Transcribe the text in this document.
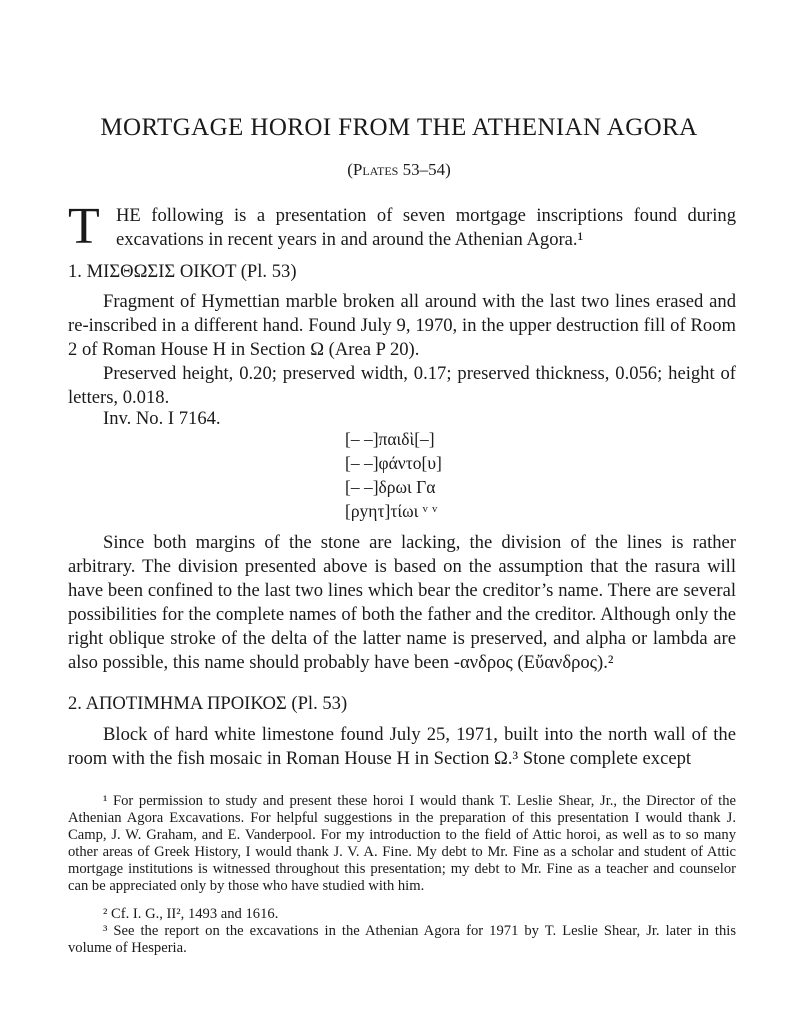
MORTGAGE HOROI FROM THE ATHENIAN AGORA
(Plates 53–54)
T HE following is a presentation of seven mortgage inscriptions found during excavations in recent years in and around the Athenian Agora.¹

1. ΜΙΣΘΩΣΙΣ ΟΙΚΟΤ (Pl. 53)

Fragment of Hymettian marble broken all around with the last two lines erased and re-inscribed in a different hand. Found July 9, 1970, in the upper destruction fill of Room 2 of Roman House H in Section Ω (Area P 20).

Preserved height, 0.20; preserved width, 0.17; preserved thickness, 0.056; height of letters, 0.018.

Inv. No. I 7164.
[– –]παιδὶ[–]
[– –]φάντο[υ]
[– –]δρωι Γα
[ρyητ]τίωι ᵛ ᵛ

Since both margins of the stone are lacking, the division of the lines is rather arbitrary. The division presented above is based on the assumption that the rasura will have been confined to the last two lines which bear the creditor’s name. There are several possibilities for the complete names of both the father and the creditor. Although only the right oblique stroke of the delta of the latter name is preserved, and alpha or lambda are also possible, this name should probably have been -ανδρος (Εὔανδρος).²

2. ΑΠΟΤΙΜΗΜΑ ΠΡΟΙΚΟΣ (Pl. 53)

Block of hard white limestone found July 25, 1971, built into the north wall of the room with the fish mosaic in Roman House H in Section Ω.³ Stone complete except

¹ For permission to study and present these horoi I would thank T. Leslie Shear, Jr., the Director of the Athenian Agora Excavations. For helpful suggestions in the preparation of this presentation I would thank J. Camp, J. W. Graham, and E. Vanderpool. For my introduction to the field of Attic horoi, as well as to so many other areas of Greek History, I would thank J. V. A. Fine. My debt to Mr. Fine as a scholar and student of Attic mortgage institutions is witnessed throughout this presentation; my debt to Mr. Fine as a teacher and counselor can be appreciated only by those who have studied with him.

² Cf. I. G., II², 1493 and 1616.

³ See the report on the excavations in the Athenian Agora for 1971 by T. Leslie Shear, Jr. later in this volume of Hesperia.
